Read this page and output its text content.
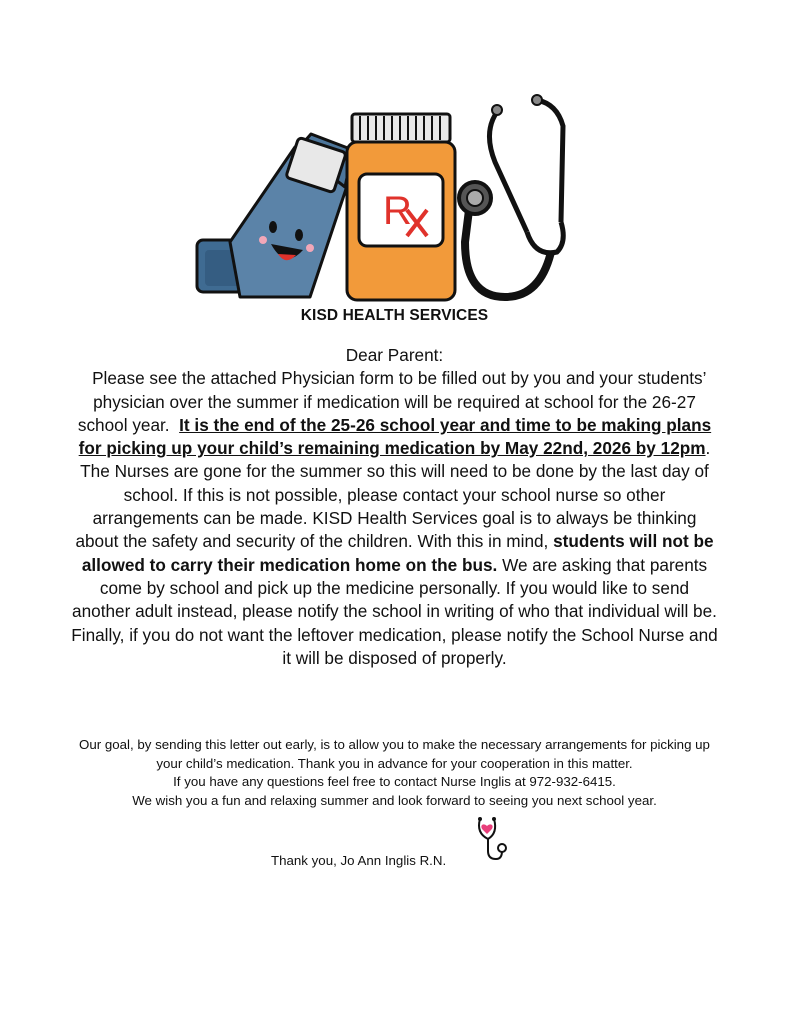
R
KISD HEALTH SERVICES

Dear Parent:

Please see the attached Physician form to be filled out by you and your students’ physician over the summer if medication will be required at school for the 26-27 school year. It is the end of the 25-26 school year and time to be making plans for picking up your child’s remaining medication by May 22nd, 2026 by 12pm. The Nurses are gone for the summer so this will need to be done by the last day of school. If this is not possible, please contact your school nurse so other arrangements can be made. KISD Health Services goal is to always be thinking about the safety and security of the children. With this in mind, students will not be allowed to carry their medication home on the bus. We are asking that parents come by school and pick up the medicine personally. If you would like to send another adult instead, please notify the school in writing of who that individual will be.

Finally, if you do not want the leftover medication, please notify the School Nurse and it will be disposed of properly.

Our goal, by sending this letter out early, is to allow you to make the necessary arrangements for picking up your child’s medication. Thank you in advance for your cooperation in this matter.

If you have any questions feel free to contact Nurse Inglis at 972-932-6415.

We wish you a fun and relaxing summer and look forward to seeing you next school year.

Thank you, Jo Ann Inglis R.N.
